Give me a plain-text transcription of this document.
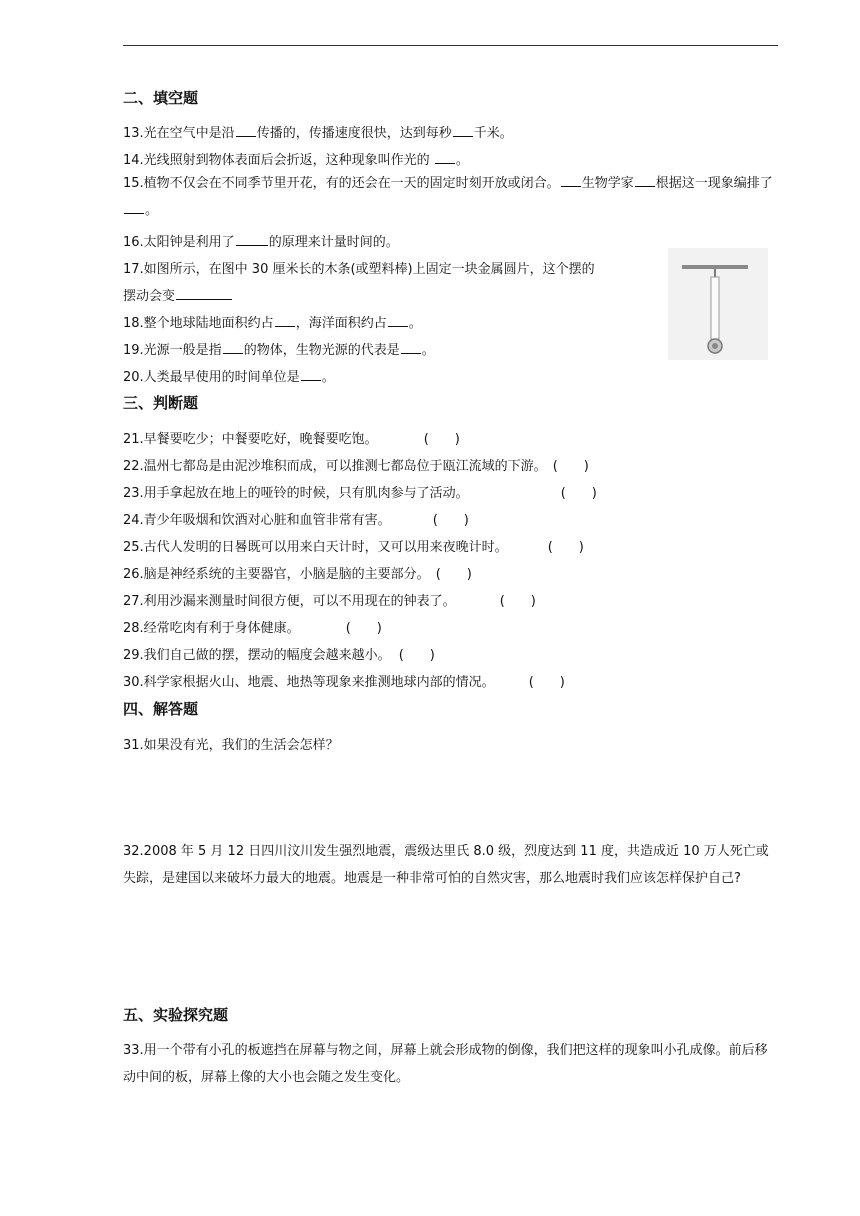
二、填空题
13.光在空气中是沿 传播的，传播速度很快，达到每秒 千米。
14.光线照射到物体表面后会折返，这种现象叫作光的 。
15.植物不仅会在不同季节里开花，有的还会在一天的固定时刻开放或闭合。 生物学家 根据这一现象编排了。
16.太阳钟是利用了	的原理来计量时间的。
17.如图所示，在图中 30 厘米长的木条(或塑料棒)上固定一块金属圆片，这个摆的
摆动会变
18.整个地球陆地面积约占 ，海洋面积约占 。
19.光源一般是指 的物体，生物光源的代表是 。
20.人类最早使用的时间单位是 。
三、判断题
21.早餐要吃少；中餐要吃好，晚餐要吃饱。	(　　)
22.温州七都岛是由泥沙堆积而成，可以推测七都岛位于瓯江流域的下游。 (　　)
23.用手拿起放在地上的哑铃的时候，只有肌肉参与了活动。	(　　)
24.青少年吸烟和饮酒对心脏和血管非常有害。	(　　)
25.古代人发明的日晷既可以用来白天计时，又可以用来夜晚计时。	(　　)
26.脑是神经系统的主要器官，小脑是脑的主要部分。 (　　)
27.利用沙漏来测量时间很方便，可以不用现在的钟表了。	(　　)
28.经常吃肉有利于身体健康。	(　　)
29.我们自己做的摆，摆动的幅度会越来越小。 (　　)
30.科学家根据火山、地震、地热等现象来推测地球内部的情况。	(　　)
四、解答题
31.如果没有光，我们的生活会怎样？
32.2008 年 5 月 12 日四川汶川发生强烈地震，震级达里氏 8.0 级，烈度达到 11 度，共造成近 10 万人死亡或失踪，是建国以来破坏力最大的地震。地震是一种非常可怕的自然灾害，那么地震时我们应该怎样保护自己?
五、实验探究题
33.用一个带有小孔的板遮挡在屏幕与物之间，屏幕上就会形成物的倒像，我们把这样的现象叫小孔成像。前后移动中间的板，屏幕上像的大小也会随之发生变化。
